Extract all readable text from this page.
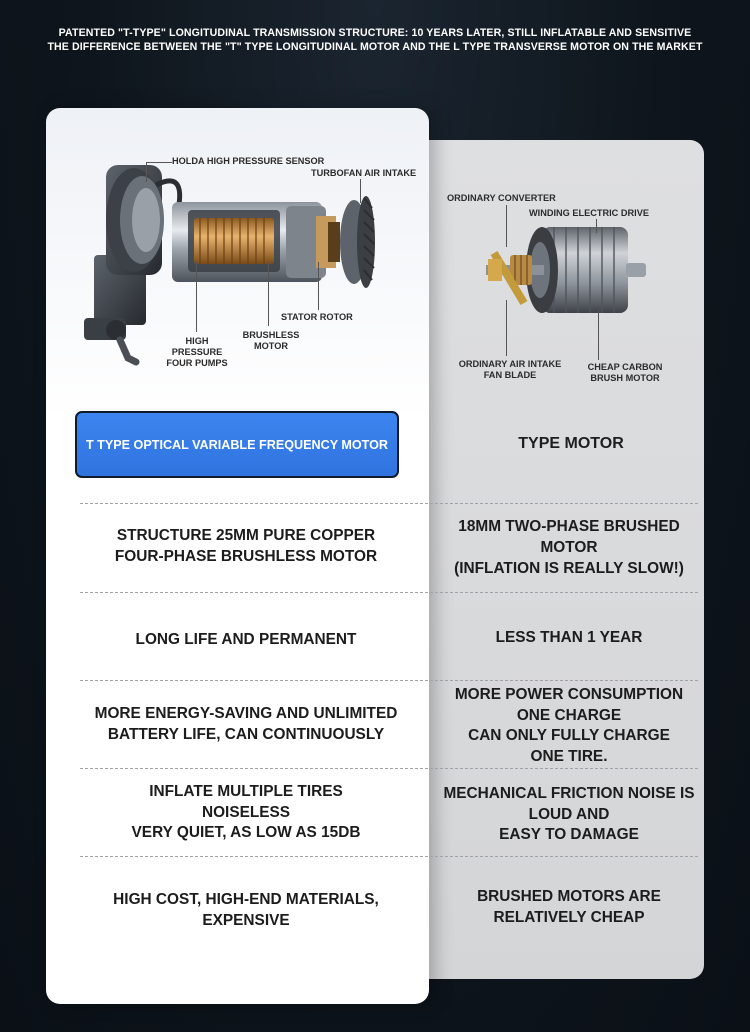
PATENTED "T-TYPE" LONGITUDINAL TRANSMISSION STRUCTURE: 10 YEARS LATER, STILL INFLATABLE AND SENSITIVE
THE DIFFERENCE BETWEEN THE "T" TYPE LONGITUDINAL MOTOR AND THE L TYPE TRANSVERSE MOTOR ON THE MARKET
HOLDA HIGH PRESSURE SENSOR
TURBOFAN AIR INTAKE
STATOR ROTOR
HIGH PRESSURE
FOUR PUMPS
BRUSHLESS
MOTOR
ORDINARY CONVERTER
WINDING ELECTRIC DRIVE
ORDINARY AIR INTAKE
FAN BLADE
CHEAP CARBON
BRUSH MOTOR
T TYPE OPTICAL VARIABLE FREQUENCY MOTOR	TYPE MOTOR
STRUCTURE 25MM PURE COPPER
FOUR-PHASE BRUSHLESS MOTOR
18MM TWO-PHASE BRUSHED
MOTOR
(INFLATION IS REALLY SLOW!)
LONG LIFE AND PERMANENT	LESS THAN 1 YEAR
MORE ENERGY-SAVING AND UNLIMITED
BATTERY LIFE, CAN CONTINUOUSLY
MORE POWER CONSUMPTION
ONE CHARGE
CAN ONLY FULLY CHARGE
ONE TIRE.
INFLATE MULTIPLE TIRES
NOISELESS
VERY QUIET, AS LOW AS 15DB
MECHANICAL FRICTION NOISE IS
LOUD AND
EASY TO DAMAGE
HIGH COST, HIGH-END MATERIALS,
EXPENSIVE
BRUSHED MOTORS ARE
RELATIVELY CHEAP
